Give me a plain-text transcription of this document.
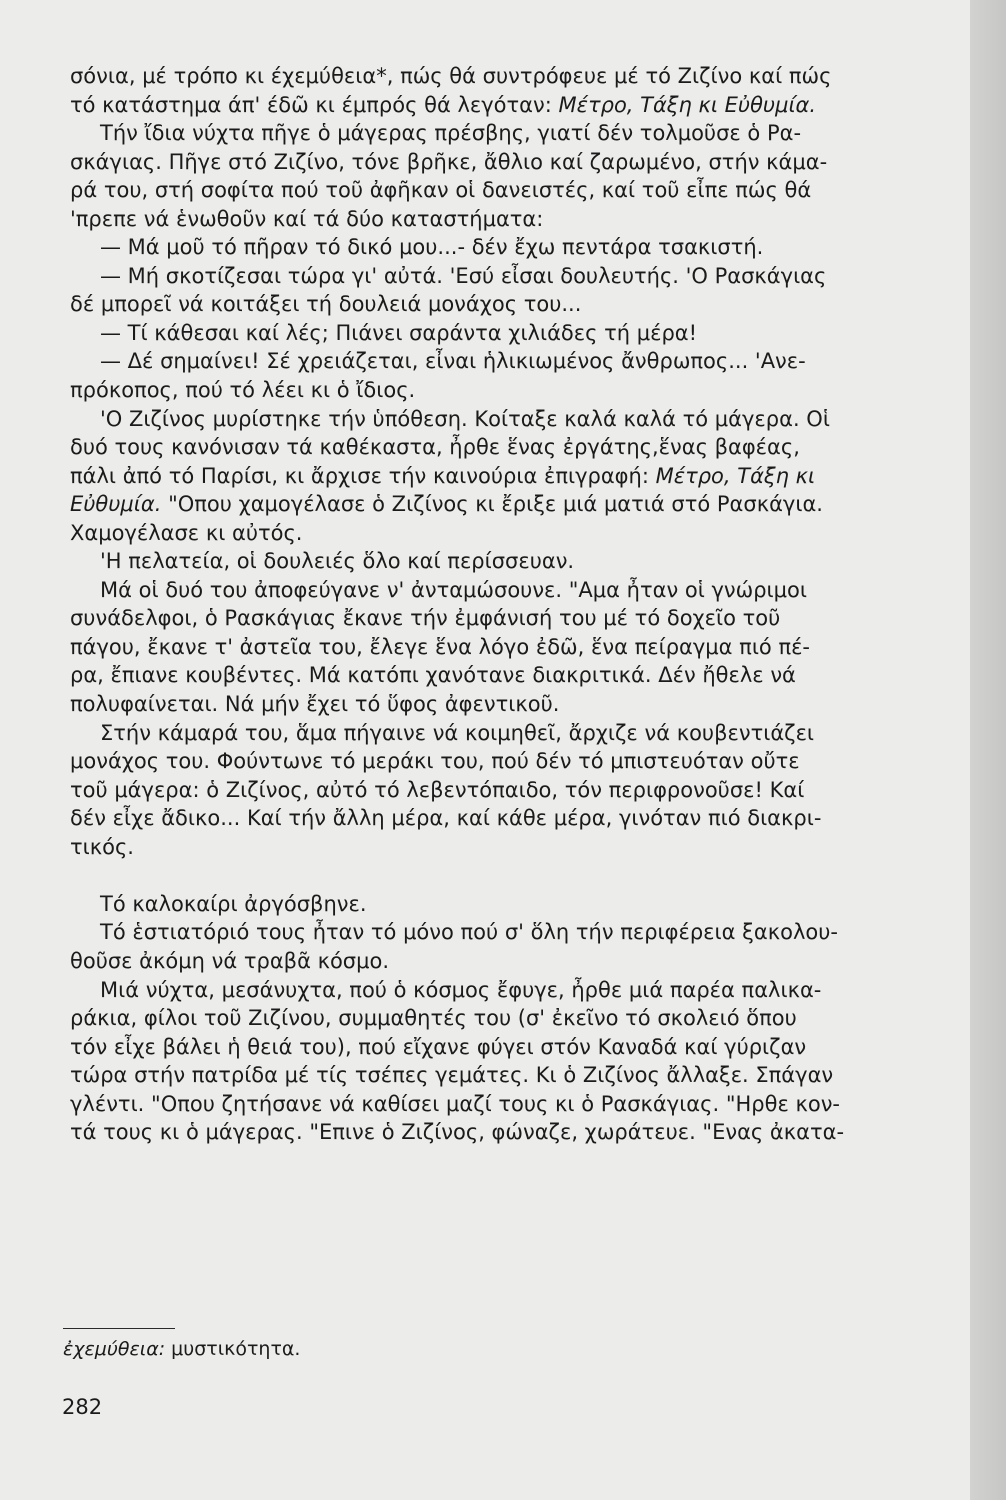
σόνια, μέ τρόπο κι έχεμύθεια*, πώς θά συντρόφευε μέ τό Ζιζίνο καί πώς
τό κατάστημα άπ' έδῶ κι έμπρός θά λεγόταν: Μέτρο, Τάξη κι Εὐθυμία.
Τήν ἴδια νύχτα πῆγε ὁ μάγερας πρέσβης, γιατί δέν τολμοῦσε ὁ Ρα-
σκάγιας. Πῆγε στό Ζιζίνο, τόνε βρῆκε, ἄθλιο καί ζαρωμένο, στήν κάμα-
ρά του, στή σοφίτα πού τοῦ ἀφῆκαν οἱ δανειστές, καί τοῦ εἶπε πώς θά
'πρεπε νά ἑνωθοῦν καί τά δύο καταστήματα:
— Μά μοῦ τό πῆραν τό δικό μου...- δέν ἔχω πεντάρα τσακιστή.
— Μή σκοτίζεσαι τώρα γι' αὐτά. 'Εσύ εἶσαι δουλευτής. 'Ο Ρασκάγιας
δέ μπορεῖ νά κοιτάξει τή δουλειά μονάχος του...
— Τί κάθεσαι καί λές; Πιάνει σαράντα χιλιάδες τή μέρα!
— Δέ σημαίνει! Σέ χρειάζεται, εἶναι ἡλικιωμένος ἄνθρωπος... 'Ανε-
πρόκοπος, πού τό λέει κι ὁ ἴδιος.
'Ο Ζιζίνος μυρίστηκε τήν ὑπόθεση. Κοίταξε καλά καλά τό μάγερα. Οἱ
δυό τους κανόνισαν τά καθέκαστα, ἦρθε ἕνας ἐργάτης,ἕνας βαφέας,
πάλι ἀπό τό Παρίσι, κι ἄρχισε τήν καινούρια ἐπιγραφή: Μέτρο, Τάξη κι
Εὐθυμία. "Οπου χαμογέλασε ὁ Ζιζίνος κι ἔριξε μιά ματιά στό Ρασκάγια.
Χαμογέλασε κι αὐτός.
'Η πελατεία, οἱ δουλειές ὅλο καί περίσσευαν.
Μά οἱ δυό του ἀποφεύγανε ν' ἀνταμώσουνε. "Αμα ἦταν οἱ γνώριμοι
συνάδελφοι, ὁ Ρασκάγιας ἔκανε τήν ἐμφάνισή του μέ τό δοχεῖο τοῦ
πάγου, ἔκανε τ' ἀστεῖα του, ἔλεγε ἕνα λόγο ἐδῶ, ἕνα πείραγμα πιό πέ-
ρα, ἔπιανε κουβέντες. Μά κατόπι χανότανε διακριτικά. Δέν ἤθελε νά
πολυφαίνεται. Νά μήν ἔχει τό ὕφος ἀφεντικοῦ.
Στήν κάμαρά του, ἅμα πήγαινε νά κοιμηθεῖ, ἄρχιζε νά κουβεντιάζει
μονάχος του. Φούντωνε τό μεράκι του, πού δέν τό μπιστευόταν οὔτε
τοῦ μάγερα: ὁ Ζιζίνος, αὐτό τό λεβεντόπαιδο, τόν περιφρονοῦσε! Καί
δέν εἶχε ἄδικο... Καί τήν ἄλλη μέρα, καί κάθε μέρα, γινόταν πιό διακρι-
τικός.
Τό καλοκαίρι ἀργόσβηνε.
Τό ἑστιατόριό τους ἦταν τό μόνο πού σ' ὅλη τήν περιφέρεια ξακολου-
θοῦσε ἀκόμη νά τραβᾶ κόσμο.
Μιά νύχτα, μεσάνυχτα, πού ὁ κόσμος ἔφυγε, ἦρθε μιά παρέα παλικα-
ράκια, φίλοι τοῦ Ζιζίνου, συμμαθητές του (σ' ἐκεῖνο τό σκολειό ὅπου
τόν εἶχε βάλει ἡ θειά του), πού εἴχανε φύγει στόν Καναδά καί γύριζαν
τώρα στήν πατρίδα μέ τίς τσέπες γεμάτες. Κι ὁ Ζιζίνος ἄλλαξε. Σπάγαν
γλέντι. "Οπου ζητήσανε νά καθίσει μαζί τους κι ὁ Ρασκάγιας. "Ηρθε κον-
τά τους κι ὁ μάγερας. "Επινε ὁ Ζιζίνος, φώναζε, χωράτευε. "Ενας ἀκατα-
ἐχεμύθεια: μυστικότητα.
282
